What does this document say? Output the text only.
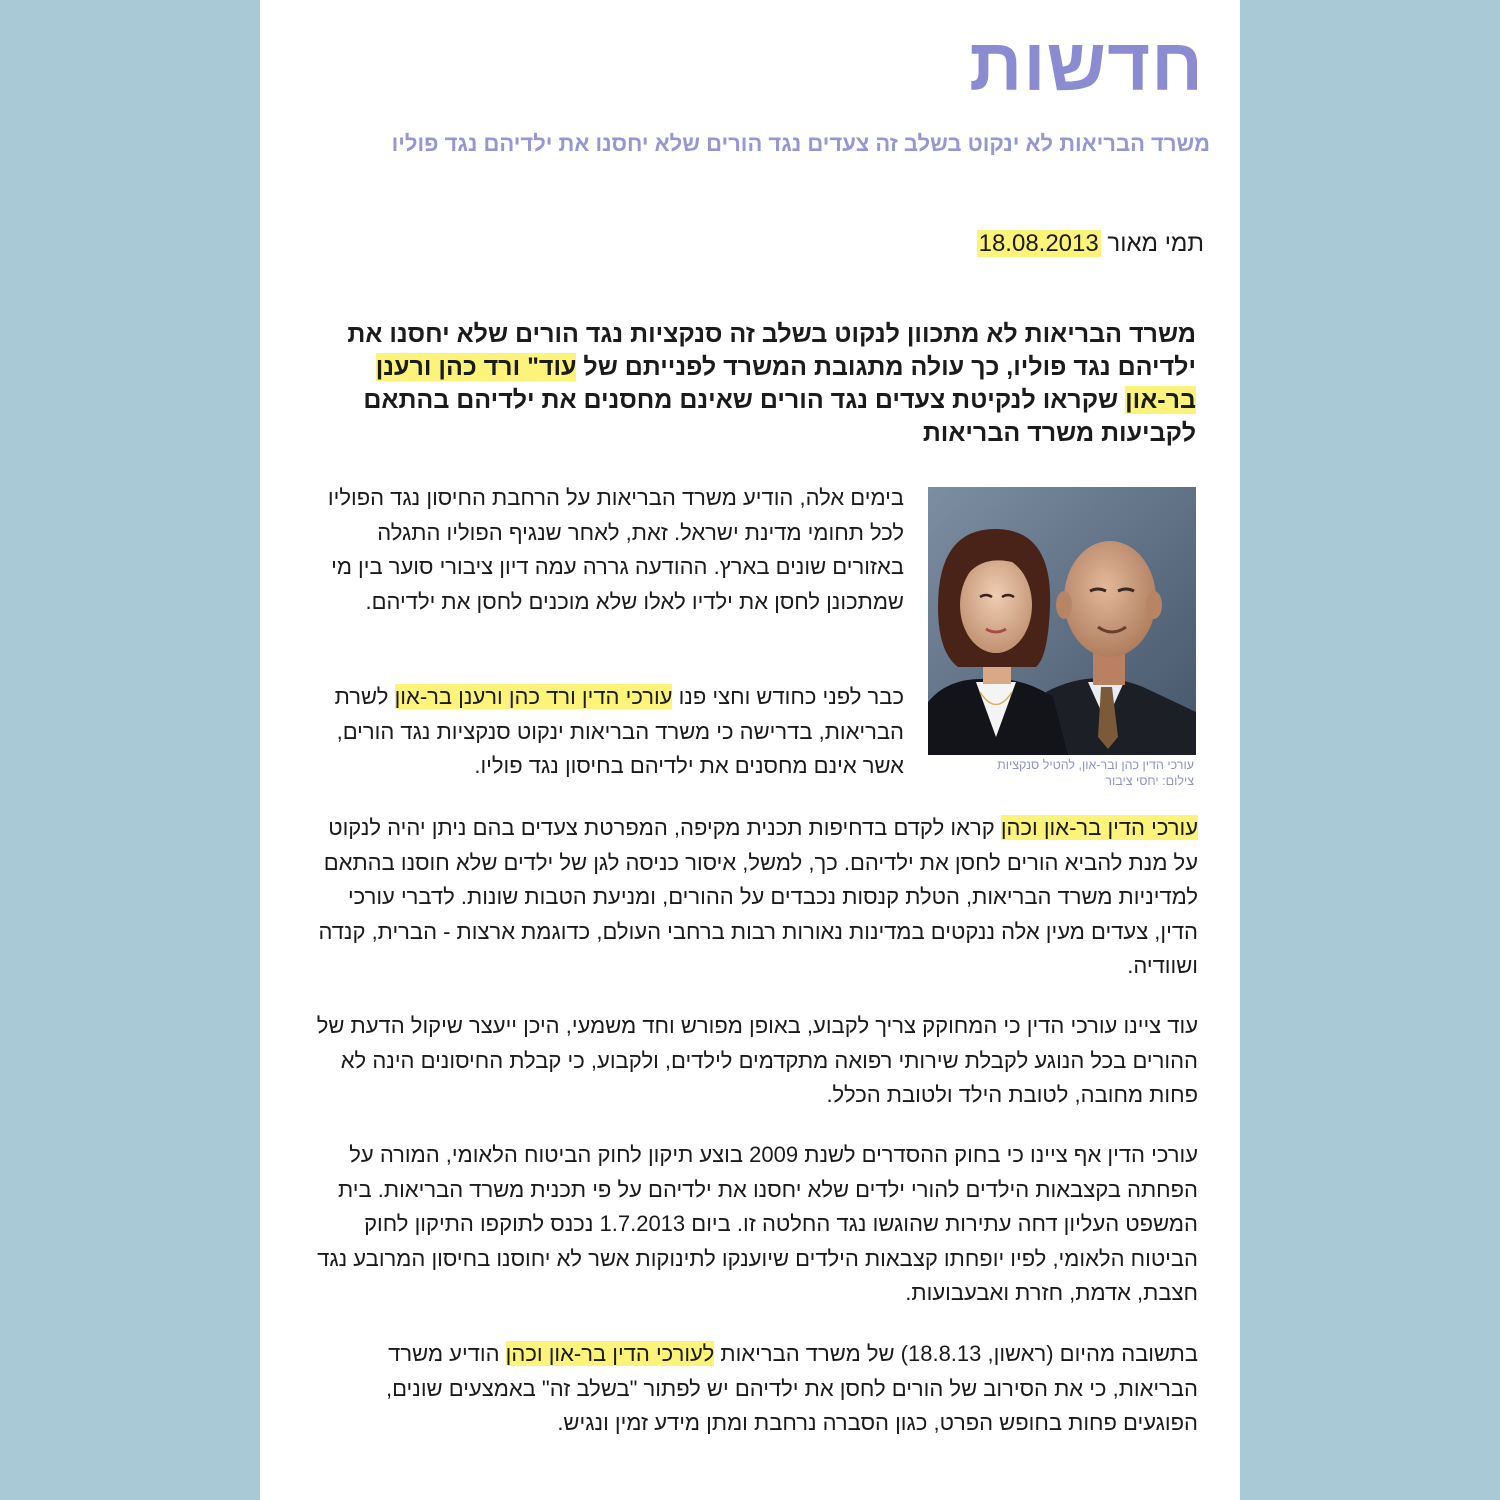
חדשות
משרד הבריאות לא ינקוט בשלב זה צעדים נגד הורים שלא יחסנו את ילדיהם נגד פוליו
תמי מאור 18.08.2013

משרד הבריאות לא מתכוון לנקוט בשלב זה סנקציות נגד הורים שלא יחסנו את ילדיהם נגד פוליו, כך עולה מתגובת המשרד לפנייתם של עוד" ורד כהן ורענן בר-און שקראו לנקיטת צעדים נגד הורים שאינם מחסנים את ילדיהם בהתאם לקביעות משרד הבריאות

עורכי הדין כהן ובר-און, להטיל סנקציות
צילום: יחסי ציבור

בימים אלה, הודיע משרד הבריאות על הרחבת החיסון נגד הפוליו לכל תחומי מדינת ישראל. זאת, לאחר שנגיף הפוליו התגלה באזורים שונים בארץ. ההודעה גררה עמה דיון ציבורי סוער בין מי שמתכונן לחסן את ילדיו לאלו שלא מוכנים לחסן את ילדיהם.

כבר לפני כחודש וחצי פנו עורכי הדין ורד כהן ורענן בר-און לשרת הבריאות, בדרישה כי משרד הבריאות ינקוט סנקציות נגד הורים, אשר אינם מחסנים את ילדיהם בחיסון נגד פוליו.

עורכי הדין בר-און וכהן קראו לקדם בדחיפות תכנית מקיפה, המפרטת צעדים בהם ניתן יהיה לנקוט על מנת להביא הורים לחסן את ילדיהם. כך, למשל, איסור כניסה לגן של ילדים שלא חוסנו בהתאם למדיניות משרד הבריאות, הטלת קנסות נכבדים על ההורים, ומניעת הטבות שונות. לדברי עורכי הדין, צעדים מעין אלה ננקטים במדינות נאורות רבות ברחבי העולם, כדוגמת ארצות - הברית, קנדה ושוודיה.

עוד ציינו עורכי הדין כי המחוקק צריך לקבוע, באופן מפורש וחד משמעי, היכן ייעצר שיקול הדעת של ההורים בכל הנוגע לקבלת שירותי רפואה מתקדמים לילדים, ולקבוע, כי קבלת החיסונים הינה לא פחות מחובה, לטובת הילד ולטובת הכלל.

עורכי הדין אף ציינו כי בחוק ההסדרים לשנת 2009 בוצע תיקון לחוק הביטוח הלאומי, המורה על הפחתה בקצבאות הילדים להורי ילדים שלא יחסנו את ילדיהם על פי תכנית משרד הבריאות. בית המשפט העליון דחה עתירות שהוגשו נגד החלטה זו. ביום 1.7.2013 נכנס לתוקפו התיקון לחוק הביטוח הלאומי, לפיו יופחתו קצבאות הילדים שיוענקו לתינוקות אשר לא יחוסנו בחיסון המרובע נגד חצבת, אדמת, חזרת ואבעבועות.

בתשובה מהיום (ראשון, 18.8.13) של משרד הבריאות לעורכי הדין בר-און וכהן הודיע משרד הבריאות, כי את הסירוב של הורים לחסן את ילדיהם יש לפתור "בשלב זה" באמצעים שונים, הפוגעים פחות בחופש הפרט, כגון הסברה נרחבת ומתן מידע זמין ונגיש.
